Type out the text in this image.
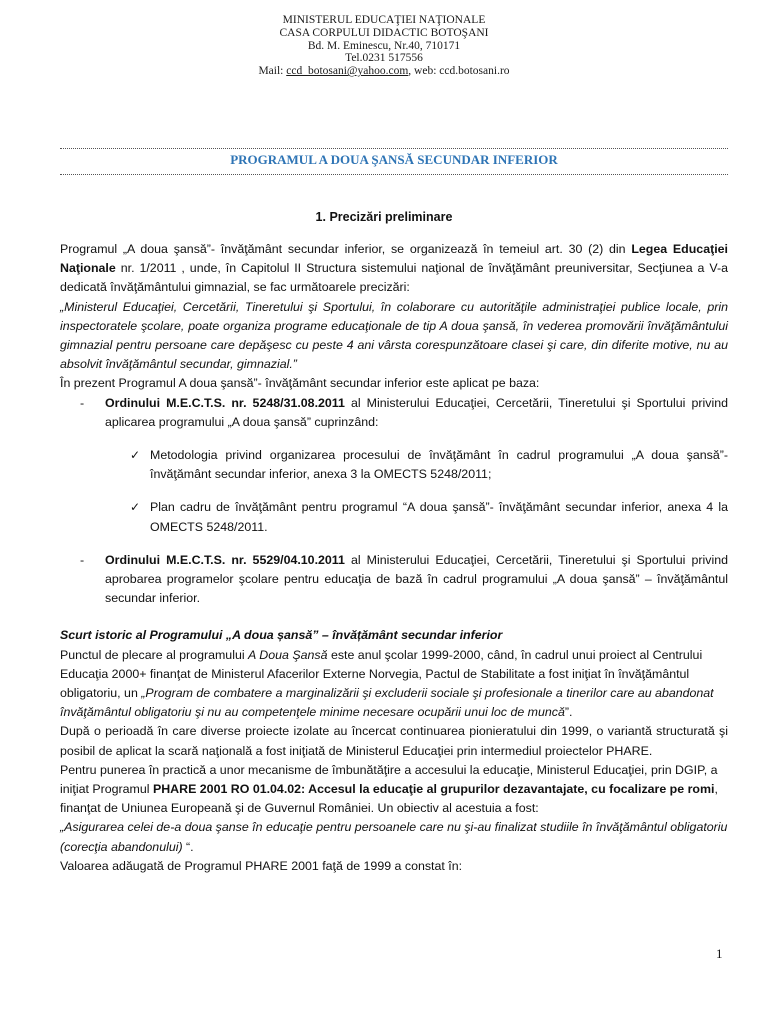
MINISTERUL EDUCAŢIEI NAŢIONALE
CASA CORPULUI DIDACTIC BOTOŞANI
Bd. M. Eminescu, Nr.40, 710171
Tel.0231 517556
Mail: ccd_botosani@yahoo.com, web: ccd.botosani.ro
PROGRAMUL A DOUA ŞANSĂ SECUNDAR INFERIOR
1. Precizări preliminare

Programul „A doua şansă”- învăţământ secundar inferior, se organizează în temeiul art. 30 (2) din Legea Educaţiei Naţionale nr. 1/2011 , unde, în Capitolul II Structura sistemului naţional de învăţământ preuniversitar, Secţiunea a V-a dedicată învăţământului gimnazial, se fac următoarele precizări:

„Ministerul Educaţiei, Cercetării, Tineretului şi Sportului, în colaborare cu autorităţile administraţiei publice locale, prin inspectoratele şcolare, poate organiza programe educaţionale de tip A doua şansă, în vederea promovării învăţământului gimnazial pentru persoane care depăşesc cu peste 4 ani vârsta corespunzătoare clasei şi care, din diferite motive, nu au absolvit învăţământul secundar, gimnazial.”

În prezent Programul A doua şansă”- învăţământ secundar inferior este aplicat pe baza:

- Ordinului M.E.C.T.S. nr. 5248/31.08.2011 al Ministerului Educaţiei, Cercetării, Tineretului şi Sportului privind aplicarea programului „A doua şansă” cuprinzând:
✓ Metodologia privind organizarea procesului de învăţământ în cadrul programului „A doua şansă”- învăţământ secundar inferior, anexa 3 la OMECTS 5248/2011;
✓ Plan cadru de învăţământ pentru programul “A doua şansă”- învăţământ secundar inferior, anexa 4 la OMECTS 5248/2011.
- Ordinului M.E.C.T.S. nr. 5529/04.10.2011 al Ministerului Educaţiei, Cercetării, Tineretului şi Sportului privind aprobarea programelor şcolare pentru educaţia de bază în cadrul programului „A doua şansă” – învăţământul secundar inferior.

Scurt istoric al Programului „A doua șansă” – învățământ secundar inferior

Punctul de plecare al programului A Doua Şansă este anul şcolar 1999-2000, când, în cadrul unui proiect al Centrului Educaţia 2000+ finanţat de Ministerul Afacerilor Externe Norvegia, Pactul de Stabilitate a fost iniţiat în învăţământul obligatoriu, un „Program de combatere a marginalizării şi excluderii sociale şi profesionale a tinerilor care au abandonat învăţământul obligatoriu şi nu au competenţele minime necesare ocupării unui loc de muncă”.

După o perioadă în care diverse proiecte izolate au încercat continuarea pionieratului din 1999, o variantă structurată şi posibil de aplicat la scară naţională a fost iniţiată de Ministerul Educaţiei prin intermediul proiectelor PHARE.

Pentru punerea în practică a unor mecanisme de îmbunătăţire a accesului la educaţie, Ministerul Educaţiei, prin DGIP, a iniţiat Programul PHARE 2001 RO 01.04.02: Accesul la educaţie al grupurilor dezavantajate, cu focalizare pe romi, finanţat de Uniunea Europeană şi de Guvernul României. Un obiectiv al acestuia a fost:

„Asigurarea celei de-a doua şanse în educaţie pentru persoanele care nu şi-au finalizat studiile în învăţământul obligatoriu (corecţia abandonului) “.

Valoarea adăugată de Programul PHARE 2001 faţă de 1999 a constat în:

1
